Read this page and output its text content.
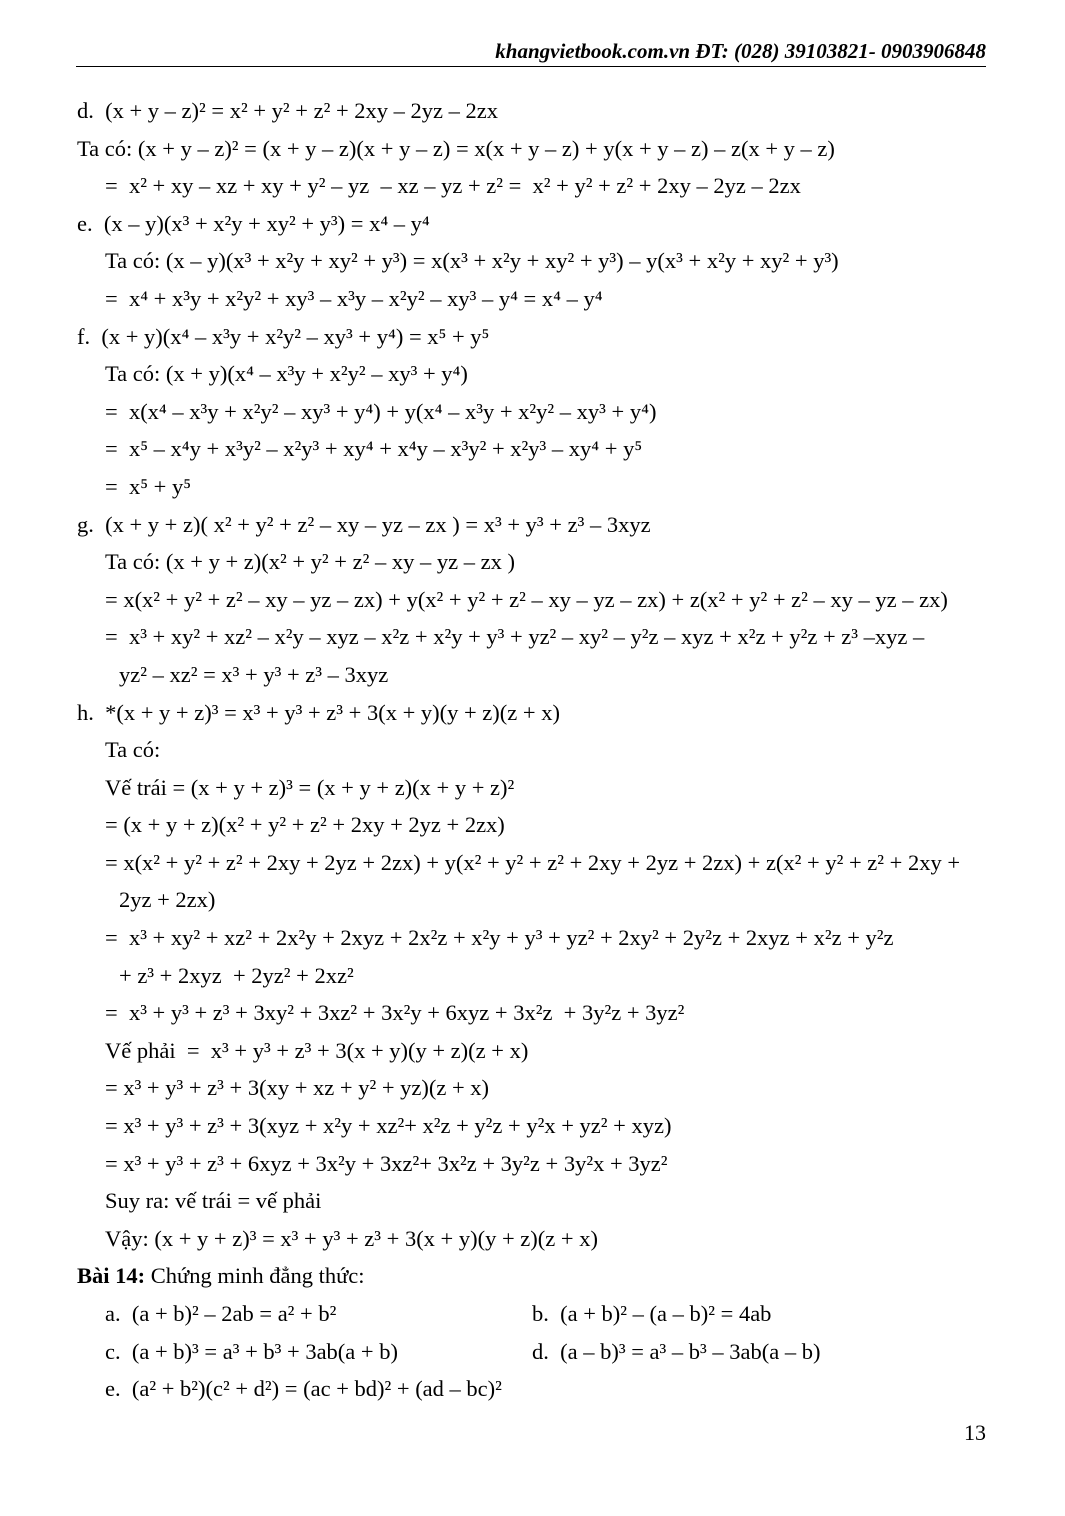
khangvietbook.com.vn ĐT: (028) 39103821- 0903906848
d.  (x + y – z)² = x² + y² + z² + 2xy – 2yz – 2zx
Ta có: (x + y – z)² = (x + y – z)(x + y – z) = x(x + y – z) + y(x + y – z) – z(x + y – z)
=  x² + xy – xz + xy + y² – yz  – xz – yz + z² =  x² + y² + z² + 2xy – 2yz – 2zx
e.  (x – y)(x³ + x²y + xy² + y³) = x⁴ – y⁴
Ta có: (x – y)(x³ + x²y + xy² + y³) = x(x³ + x²y + xy² + y³) – y(x³ + x²y + xy² + y³)
=  x⁴ + x³y + x²y² + xy³ – x³y – x²y² – xy³ – y⁴ = x⁴ – y⁴
f.  (x + y)(x⁴ – x³y + x²y² – xy³ + y⁴) = x⁵ + y⁵
Ta có: (x + y)(x⁴ – x³y + x²y² – xy³ + y⁴)
=  x(x⁴ – x³y + x²y² – xy³ + y⁴) + y(x⁴ – x³y + x²y² – xy³ + y⁴)
=  x⁵ – x⁴y + x³y² – x²y³ + xy⁴ + x⁴y – x³y² + x²y³ – xy⁴ + y⁵
=  x⁵ + y⁵
g.  (x + y + z)( x² + y² + z² – xy – yz – zx ) = x³ + y³ + z³ – 3xyz
Ta có: (x + y + z)(x² + y² + z² – xy – yz – zx )
= x(x² + y² + z² – xy – yz – zx) + y(x² + y² + z² – xy – yz – zx) + z(x² + y² + z² – xy – yz – zx)
=  x³ + xy² + xz² – x²y – xyz – x²z + x²y + y³ + yz² – xy² – y²z – xyz + x²z + y²z + z³ –xyz –
yz² – xz² = x³ + y³ + z³ – 3xyz
h.  *(x + y + z)³ = x³ + y³ + z³ + 3(x + y)(y + z)(z + x)
Ta có:
Vế trái = (x + y + z)³ = (x + y + z)(x + y + z)²
= (x + y + z)(x² + y² + z² + 2xy + 2yz + 2zx)
= x(x² + y² + z² + 2xy + 2yz + 2zx) + y(x² + y² + z² + 2xy + 2yz + 2zx) + z(x² + y² + z² + 2xy +
2yz + 2zx)
=  x³ + xy² + xz² + 2x²y + 2xyz + 2x²z + x²y + y³ + yz² + 2xy² + 2y²z + 2xyz + x²z + y²z
+ z³ + 2xyz  + 2yz² + 2xz²
=  x³ + y³ + z³ + 3xy² + 3xz² + 3x²y + 6xyz + 3x²z  + 3y²z + 3yz²
Vế phải  =  x³ + y³ + z³ + 3(x + y)(y + z)(z + x)
= x³ + y³ + z³ + 3(xy + xz + y² + yz)(z + x)
= x³ + y³ + z³ + 3(xyz + x²y + xz²+ x²z + y²z + y²x + yz² + xyz)
= x³ + y³ + z³ + 6xyz + 3x²y + 3xz²+ 3x²z + 3y²z + 3y²x + 3yz²
Suy ra: vế trái = vế phải
Vậy: (x + y + z)³ = x³ + y³ + z³ + 3(x + y)(y + z)(z + x)
Bài 14: Chứng minh đẳng thức:
a.  (a + b)² – 2ab = a² + b²	b.  (a + b)² – (a – b)² = 4ab
c.  (a + b)³ = a³ + b³ + 3ab(a + b)	d.  (a – b)³ = a³ – b³ – 3ab(a – b)
e.  (a² + b²)(c² + d²) = (ac + bd)² + (ad – bc)²
13
